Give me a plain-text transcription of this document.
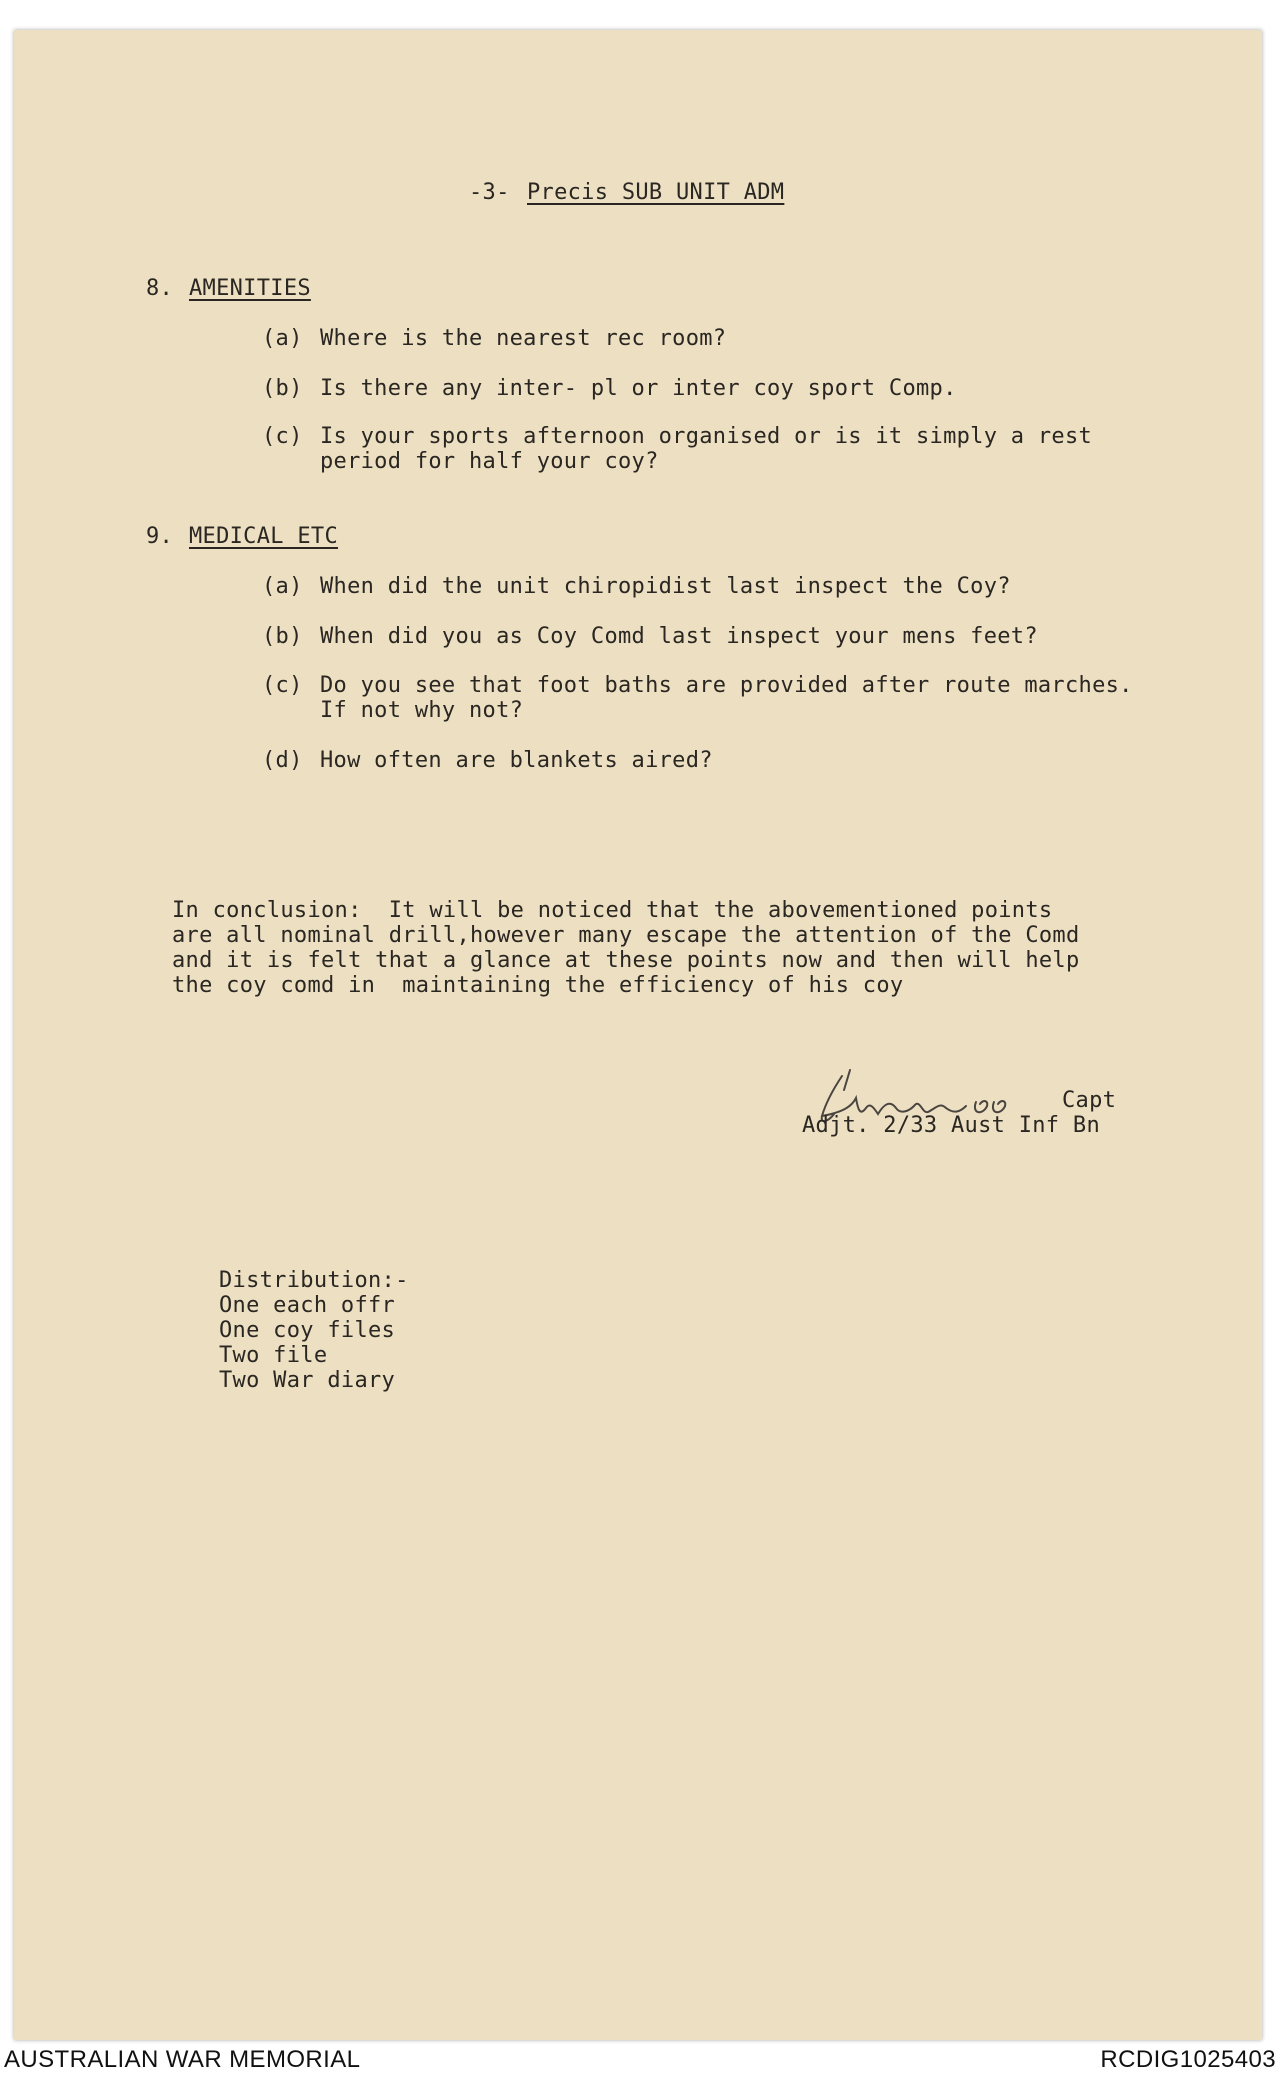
-3- Precis SUB UNIT ADM
8. AMENITIES
(a) Where is the nearest rec room?
(b) Is there any inter- pl or inter coy sport Comp.
(c) Is your sports afternoon organised or is it simply a rest
period for half your coy?
9. MEDICAL ETC
(a) When did the unit chiropidist last inspect the Coy?
(b) When did you as Coy Comd last inspect your mens feet?
(c) Do you see that foot baths are provided after route marches.
If not why not?
(d) How often are blankets aired?
In conclusion:  It will be noticed that the abovementioned points
are all nominal drill,however many escape the attention of the Comd
and it is felt that a glance at these points now and then will help
the coy comd in  maintaining the efficiency of his coy
Capt
Adjt. 2/33 Aust Inf Bn
Distribution:-
One each offr
One coy files
Two file
Two War diary
AUSTRALIAN WAR MEMORIAL	RCDIG1025403
